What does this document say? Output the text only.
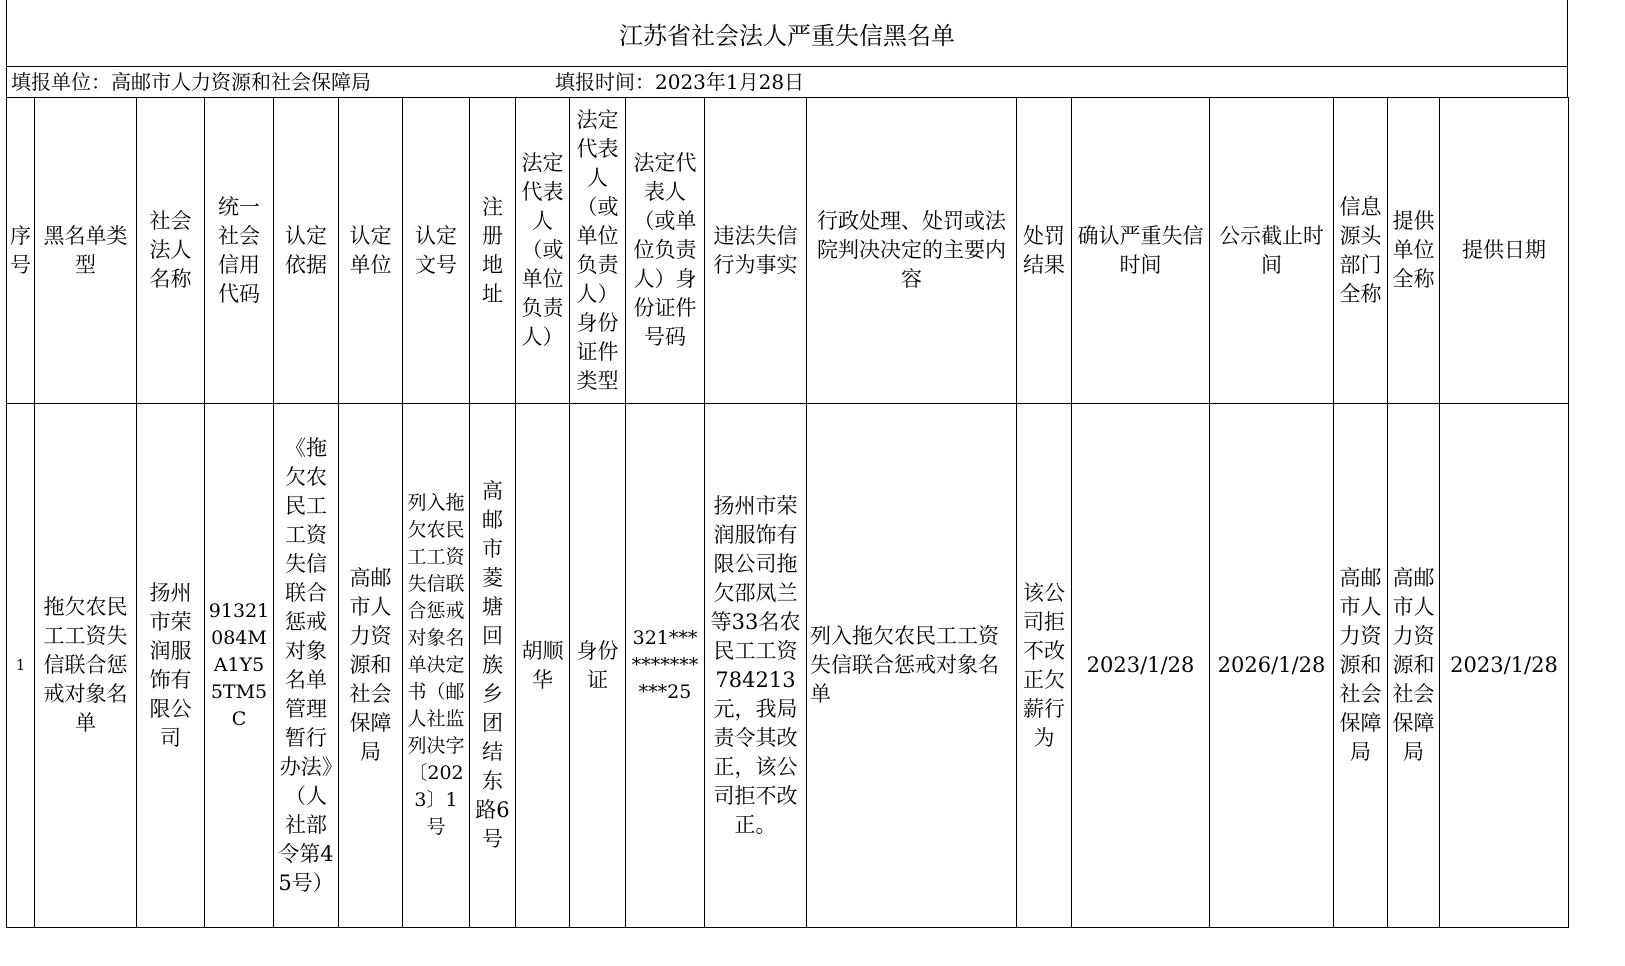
江苏省社会法人严重失信黑名单
填报单位：高邮市人力资源和社会保障局	填报时间：2023年1月28日
序号	黑名单类型	社会法人名称	统一社会信用代码	认定依据	认定单位	认定文号	注册地址	法定代表人（或单位负责人）	法定代表人（或单位负责人）身份证件类型	法定代表人（或单位负责人）身份证件号码	违法失信行为事实	行政处理、处罚或法院判决决定的主要内容	处罚结果	确认严重失信时间	公示截止时间	信息源头部门全称	提供单位全称	提供日期
1	拖欠农民工工资失信联合惩戒对象名单	扬州市荣润服饰有限公司	91321084MA1Y55TM5C	《拖欠农民工工资失信联合惩戒对象名单管理暂行办法》（人社部令第45号）	高邮市人力资源和社会保障局	列入拖欠农民工工资失信联合惩戒对象名单决定书（邮人社监列决字〔2023〕1号	高邮市菱塘回族乡团结东路6号	胡顺华	身份证	321*************25	扬州市荣润服饰有限公司拖欠邵凤兰等33名农民工工资784213元，我局责令其改正，该公司拒不改正。	列入拖欠农民工工资失信联合惩戒对象名单	该公司拒不改正欠薪行为	2023/1/28	2026/1/28	高邮市人力资源和社会保障局	高邮市人力资源和社会保障局	2023/1/28
